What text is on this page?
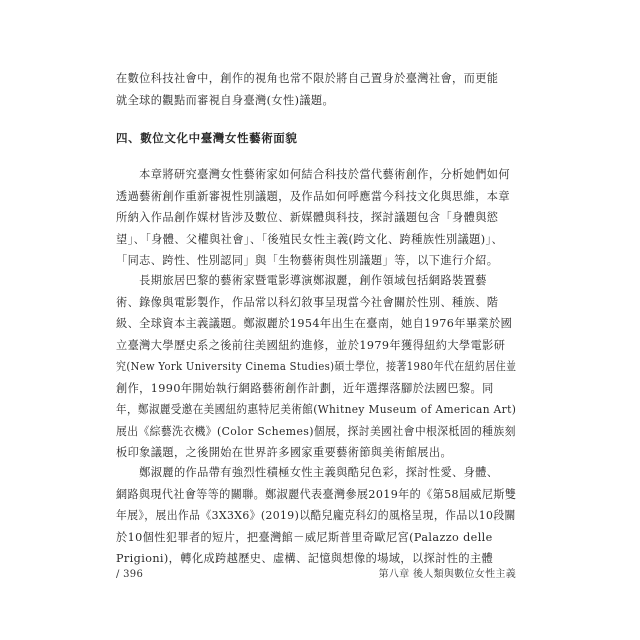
在數位科技社會中，創作的視角也常不限於將自己置身於臺灣社會，而更能
就全球的觀點而審視自身臺灣(女性)議題。

四、數位文化中臺灣女性藝術面貌

　　本章將研究臺灣女性藝術家如何結合科技於當代藝術創作，分析她們如何
透過藝術創作重新審視性別議題，及作品如何呼應當今科技文化與思維，本章
所納入作品創作媒材皆涉及數位、新媒體與科技，探討議題包含「身體與慾
望」、「身體、父權與社會」、「後殖民女性主義(跨文化、跨種族性別議題)」、
「同志、跨性、性別認同」與「生物藝術與性別議題」等，以下進行介紹。

　　長期旅居巴黎的藝術家暨電影導演鄭淑麗，創作領域包括網路裝置藝
術、錄像與電影製作，作品常以科幻敘事呈現當今社會關於性別、種族、階
級、全球資本主義議題。鄭淑麗於1954年出生在臺南，她自1976年畢業於國
立臺灣大學歷史系之後前往美國紐約進修，並於1979年獲得紐約大學電影研
究(New York University Cinema Studies)碩士學位，接著1980年代在紐約居住並
創作，1990年開始執行網路藝術創作計劃，近年選擇落腳於法國巴黎。同
年，鄭淑麗受邀在美國紐約惠特尼美術館(Whitney Museum of American Art)
展出《綜藝洗衣機》(Color Schemes)個展，探討美國社會中根深柢固的種族刻
板印象議題，之後開始在世界許多國家重要藝術節與美術館展出。

　　鄭淑麗的作品帶有強烈性積極女性主義與酷兒色彩，探討性愛、身體、
網路與現代社會等等的關聯。鄭淑麗代表臺灣參展2019年的《第58屆威尼斯雙
年展》，展出作品《3X3X6》(2019)以酷兒龐克科幻的風格呈現，作品以10段關
於10個性犯罪者的短片，把臺灣館－威尼斯普里奇歐尼宮(Palazzo delle
Prigioni)，轉化成跨越歷史、虛構、記憶與想像的場域，以探討性的主體

/ 396	第八章 後人類與數位女性主義
